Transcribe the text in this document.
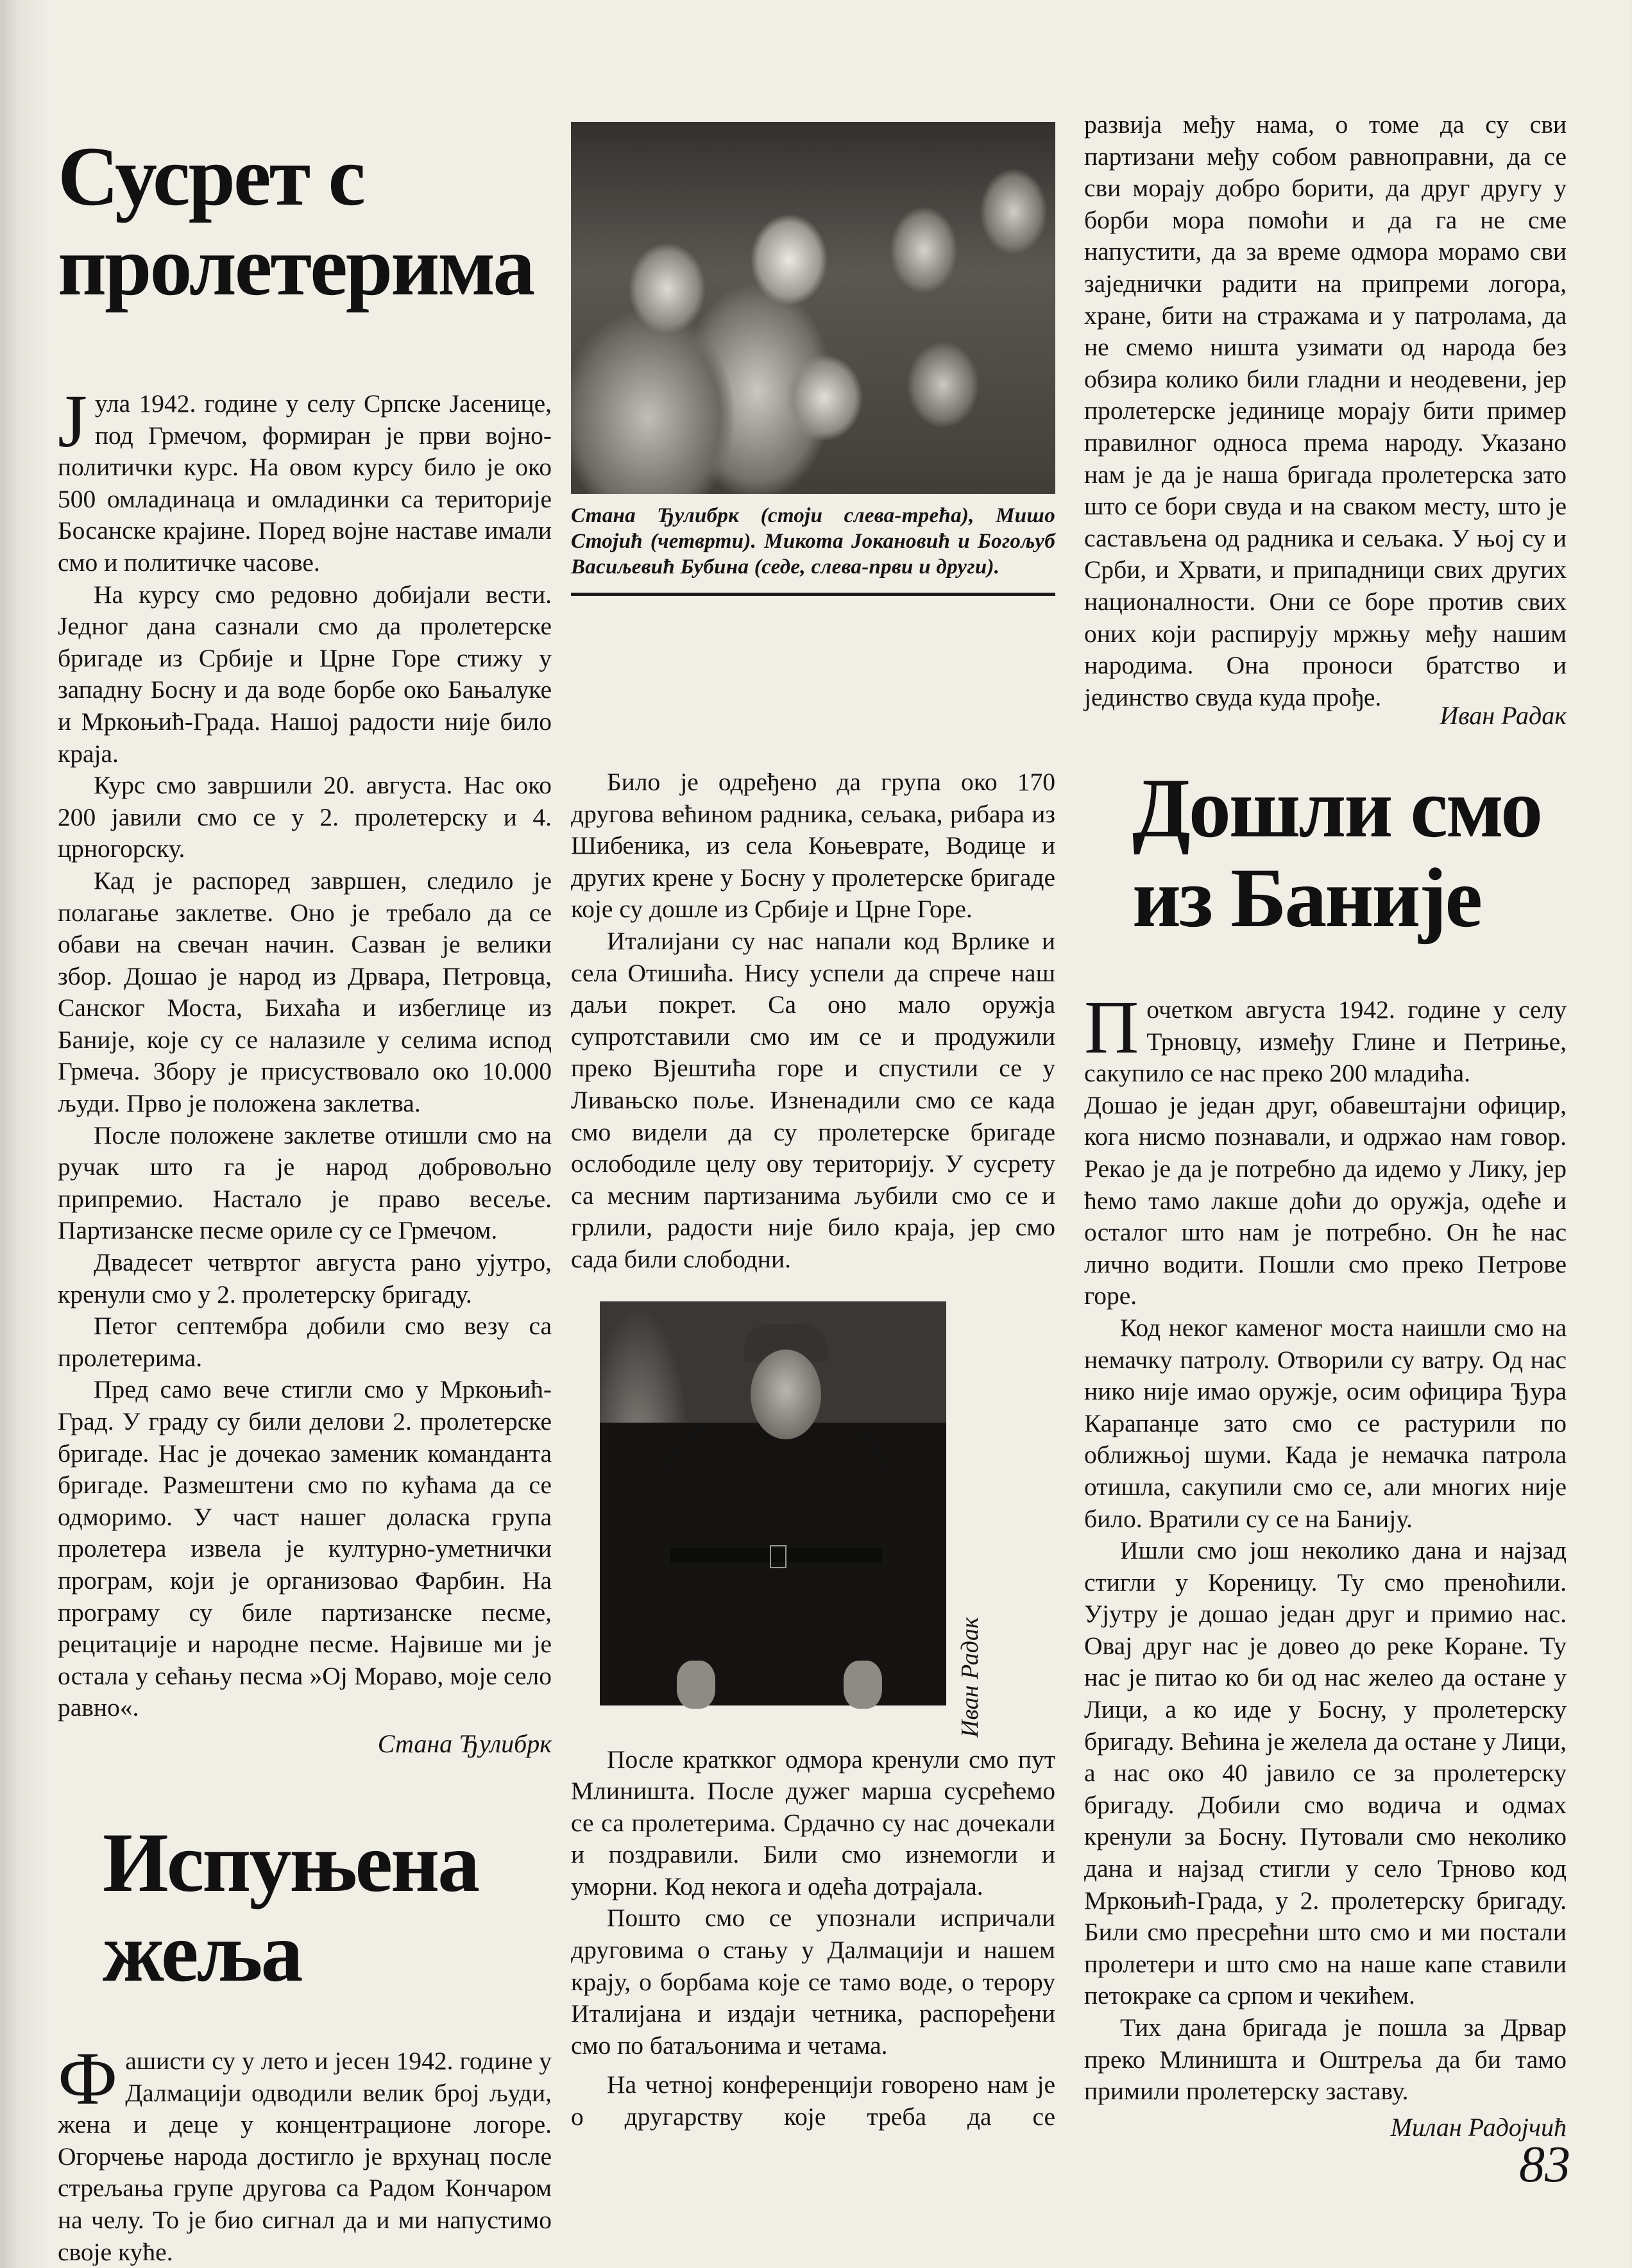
Сусрет с
пролетерима

Jула 1942. године у селу Српске Јасенице, под Грмечом, формиран је први војно-политички курс. На овом курсу било је око 500 омладинаца и омладинки са територије Босанске крајине. Поред војне наставе имали смо и политичке часове.

На курсу смо редовно добијали вести. Једног дана сазнали смо да пролетерске бригаде из Србије и Црне Горе стижу у западну Босну и да воде борбе око Бањалуке и Мркоњић-Града. Нашој радости није било краја.

Курс смо завршили 20. августа. Нас око 200 јавили смо се у 2. пролетерску и 4. црногорску.

Кад је распоред завршен, следило је полагање заклетве. Оно је требало да се обави на свечан начин. Сазван је велики збор. Дошао је народ из Дрвара, Петровца, Санског Моста, Бихаћа и избеглице из Баније, које су се налазиле у селима испод Грмеча. Збору је присуствовало око 10.000 људи. Прво је положена заклетва.

После положене заклетве отишли смо на ручак што га је народ добровољно припремио. Настало је право весеље. Партизанске песме ориле су се Грмечом.

Двадесет четвртог августа рано ујутро, кренули смо у 2. пролетерску бригаду.

Петог септембра добили смо везу са пролетерима.

Пред само вече стигли смо у Мркоњић-Град. У граду су били делови 2. пролетерске бригаде. Нас је дочекао заменик команданта бригаде. Размештени смо по кућама да се одморимо. У част нашег доласка група пролетера извела је културно-уметнички програм, који је организовао Фарбин. На програму су биле партизанске песме, рецитације и народне песме. Највише ми је остала у сећању песма »Ој Мораво, моје село равно«.

Стана Ђулибрк

Испуњена
жеља

Фашисти су у лето и јесен 1942. године у Далмацији одводили велик број људи, жена и деце у концентрационе логоре. Огорчење народа достигло је врхунац после стрељања групе другова са Радом Кончаром на челу. То је био сигнал да и ми напустимо своје куће.

Стана Ђулибрк (стоји слева-трећа), Мишо Стојић (четврти). Микота Јокановић и Богољуб Васиљевић Бубина (седе, слева-први и други).

Било је одређено да група око 170 другова већином радника, сељака, рибара из Шибеника, из села Коњеврате, Водице и других крене у Босну у пролетерске бригаде које су дошле из Србије и Црне Горе.

Италијани су нас напали код Врлике и села Отишића. Нису успели да спрече наш даљи покрет. Са оно мало оружја супротставили смо им се и продужили преко Вјештића горе и спустили се у Ливањско поље. Изненадили смо се када смо видели да су пролетерске бригаде ослободиле целу ову територију. У сусрету са месним партизанима љубили смо се и грлили, радости није било краја, јер смо сада били слободни.

Иван Радак

После краткког одмора кренули смо пут Млиништа. После дужег марша сусрећемо се са пролетерима. Срдачно су нас дочекали и поздравили. Били смо изнемогли и уморни. Код некога и одећа дотрајала.

Пошто смо се упознали испричали друговима о стању у Далмацији и нашем крају, о борбама које се тамо воде, о терору Италијана и издаји четника, распоређени смо по батаљонима и четама.

На четној конференцији говорено нам је о другарству које треба да се

Дошли смо
из Баније

Почетком августа 1942. године у селу Трновцу, између Глине и Петриње, сакупило се нас преко 200 младића.

Дошао је један друг, обавештајни официр, кога нисмо познавали, и одржао нам говор. Рекао је да је потребно да идемо у Лику, јер ћемо тамо лакше доћи до оружја, одеће и осталог што нам је потребно. Он ће нас лично водити. Пошли смо преко Петрове горе.

Код неког каменог моста наишли смо на немачку патролу. Отворили су ватру. Од нас нико није имао оружје, осим официра Ђура Карапанџе зато смо се растурили по оближњој шуми. Када је немачка патрола отишла, сакупили смо се, али многих није било. Вратили су се на Банију.

Ишли смо још неколико дана и најзад стигли у Кореницу. Ту смо преноћили. Ујутру је дошао један друг и примио нас. Овај друг нас је довео до реке Кoране. Ту нас је питао ко би од нас желео да остане у Лици, а ко иде у Босну, у пролетерску бригаду. Већина је желела да остане у Лици, а нас око 40 јавило се за пролетерску бригаду. Добили смо водича и одмах кренули за Босну. Путовали смо неколико дана и најзад стигли у село Трново код Мркоњић-Града, у 2. пролетерску бригаду. Били смо пресрећни што смо и ми постали пролетери и што смо на наше капе ставили петокраке са српом и чекићем.

Тих дана бригада је пошла за Дрвар преко Млиништа и Оштреља да би тамо примили пролетерску заставу.

Милан Радојчић

развија међу нама, о томе да су сви партизани међу собом равноправни, да се сви морају добро борити, да друг другу у борби мора помоћи и да га не сме напустити, да за време одмора морамо сви заједнички радити на припреми логора, хране, бити на стражама и у патролама, да не смемо ништа узимати од народа без обзира колико били гладни и неодевени, јер пролетерске јединице морају бити пример правилног односа према народу. Указано нам је да је наша бригада пролетерска зато што се бори свуда и на сваком месту, што је састављена од радника и сељака. У њој су и Срби, и Хрвати, и припадници свих других националности. Они се боре против свих оних који распирују мржњу међу нашим народима. Она проноси братство и јединство свуда куда прође.

Иван Радак

83
